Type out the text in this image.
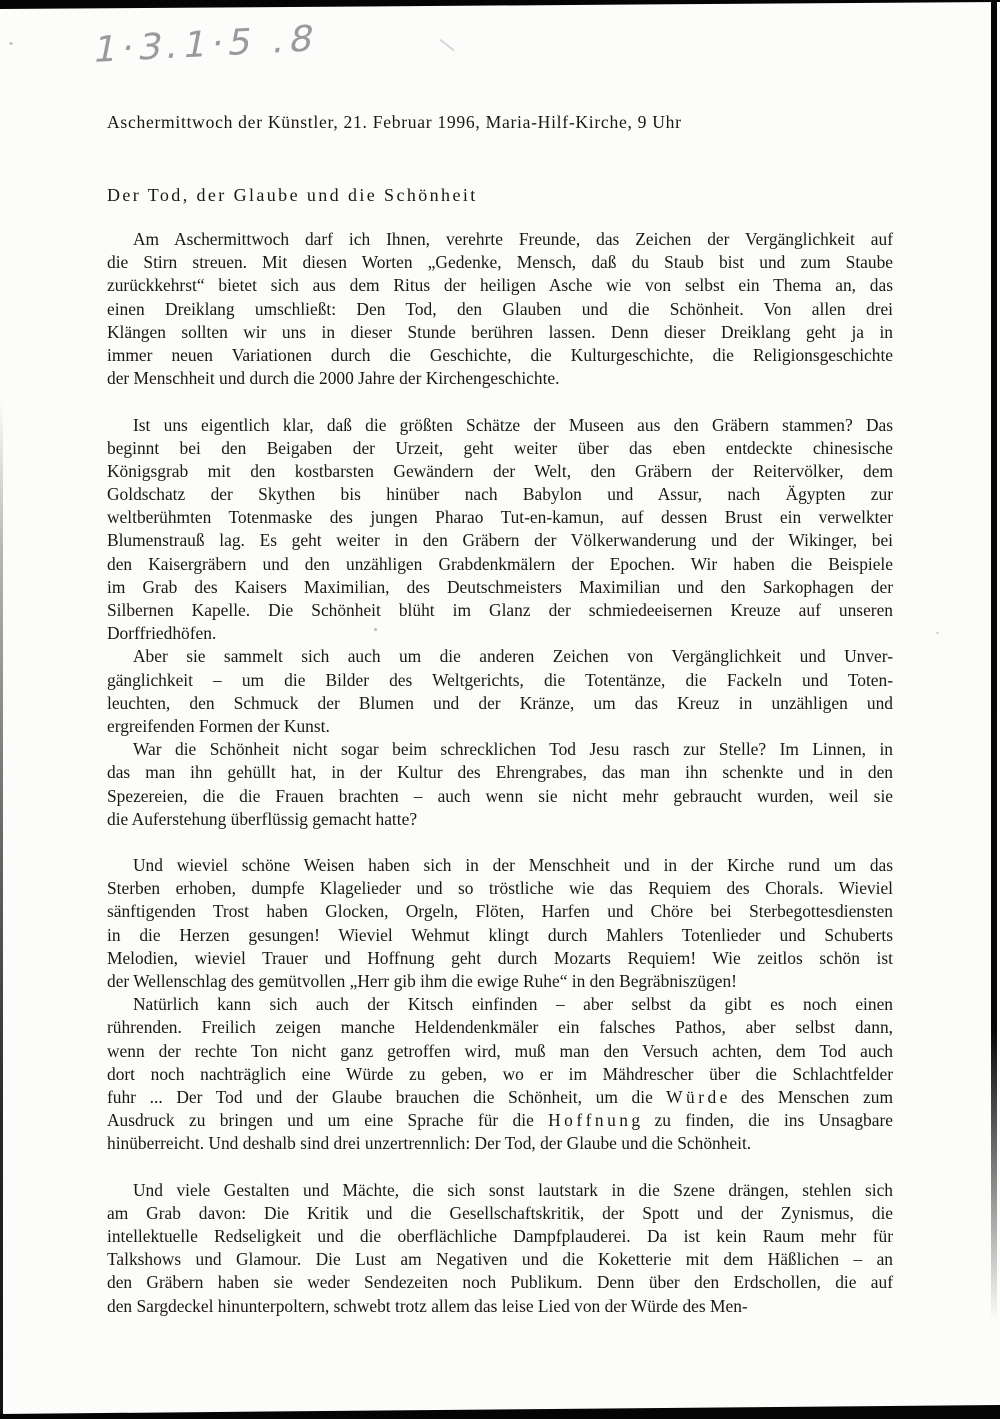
1·3.1·5 .8
Aschermittwoch der Künstler, 21. Februar 1996, Maria-Hilf-Kirche, 9 Uhr
Der Tod, der Glaube und die Schönheit
Am Aschermittwoch darf ich Ihnen, verehrte Freunde, das Zeichen der Vergänglichkeit auf
die Stirn streuen. Mit diesen Worten „Gedenke, Mensch, daß du Staub bist und zum Staube
zurückkehrst“ bietet sich aus dem Ritus der heiligen Asche wie von selbst ein Thema an, das
einen Dreiklang umschließt: Den Tod, den Glauben und die Schönheit. Von allen drei
Klängen sollten wir uns in dieser Stunde berühren lassen. Denn dieser Dreiklang geht ja in
immer neuen Variationen durch die Geschichte, die Kulturgeschichte, die Religionsgeschichte
der Menschheit und durch die 2000 Jahre der Kirchengeschichte.
Ist uns eigentlich klar, daß die größten Schätze der Museen aus den Gräbern stammen? Das
beginnt bei den Beigaben der Urzeit, geht weiter über das eben entdeckte chinesische
Königsgrab mit den kostbarsten Gewändern der Welt, den Gräbern der Reitervölker, dem
Goldschatz der Skythen bis hinüber nach Babylon und Assur, nach Ägypten zur
weltberühmten Totenmaske des jungen Pharao Tut-en-kamun, auf dessen Brust ein verwelkter
Blumenstrauß lag. Es geht weiter in den Gräbern der Völkerwanderung und der Wikinger, bei
den Kaisergräbern und den unzähligen Grabdenkmälern der Epochen. Wir haben die Beispiele
im Grab des Kaisers Maximilian, des Deutschmeisters Maximilian und den Sarkophagen der
Silbernen Kapelle. Die Schönheit blüht im Glanz der schmiedeeisernen Kreuze auf unseren
Dorffriedhöfen.
Aber sie sammelt sich auch um die anderen Zeichen von Vergänglichkeit und Unver-
gänglichkeit – um die Bilder des Weltgerichts, die Totentänze, die Fackeln und Toten-
leuchten, den Schmuck der Blumen und der Kränze, um das Kreuz in unzähligen und
ergreifenden Formen der Kunst.
War die Schönheit nicht sogar beim schrecklichen Tod Jesu rasch zur Stelle? Im Linnen, in
das man ihn gehüllt hat, in der Kultur des Ehrengrabes, das man ihn schenkte und in den
Spezereien, die die Frauen brachten – auch wenn sie nicht mehr gebraucht wurden, weil sie
die Auferstehung überflüssig gemacht hatte?
Und wieviel schöne Weisen haben sich in der Menschheit und in der Kirche rund um das
Sterben erhoben, dumpfe Klagelieder und so tröstliche wie das Requiem des Chorals. Wieviel
sänftigenden Trost haben Glocken, Orgeln, Flöten, Harfen und Chöre bei Sterbegottesdiensten
in die Herzen gesungen! Wieviel Wehmut klingt durch Mahlers Totenlieder und Schuberts
Melodien, wieviel Trauer und Hoffnung geht durch Mozarts Requiem! Wie zeitlos schön ist
der Wellenschlag des gemütvollen „Herr gib ihm die ewige Ruhe“ in den Begräbniszügen!
Natürlich kann sich auch der Kitsch einfinden – aber selbst da gibt es noch einen
rührenden. Freilich zeigen manche Heldendenkmäler ein falsches Pathos, aber selbst dann,
wenn der rechte Ton nicht ganz getroffen wird, muß man den Versuch achten, dem Tod auch
dort noch nachträglich eine Würde zu geben, wo er im Mähdrescher über die Schlachtfelder
fuhr ... Der Tod und der Glaube brauchen die Schönheit, um die W ü r d e des Menschen zum
Ausdruck zu bringen und um eine Sprache für die H o f f n u n g zu finden, die ins Unsagbare
hinüberreicht. Und deshalb sind drei unzertrennlich: Der Tod, der Glaube und die Schönheit.
Und viele Gestalten und Mächte, die sich sonst lautstark in die Szene drängen, stehlen sich
am Grab davon: Die Kritik und die Gesellschaftskritik, der Spott und der Zynismus, die
intellektuelle Redseligkeit und die oberflächliche Dampfplauderei. Da ist kein Raum mehr für
Talkshows und Glamour. Die Lust am Negativen und die Koketterie mit dem Häßlichen – an
den Gräbern haben sie weder Sendezeiten noch Publikum. Denn über den Erdschollen, die auf
den Sargdeckel hinunterpoltern, schwebt trotz allem das leise Lied von der Würde des Men-
